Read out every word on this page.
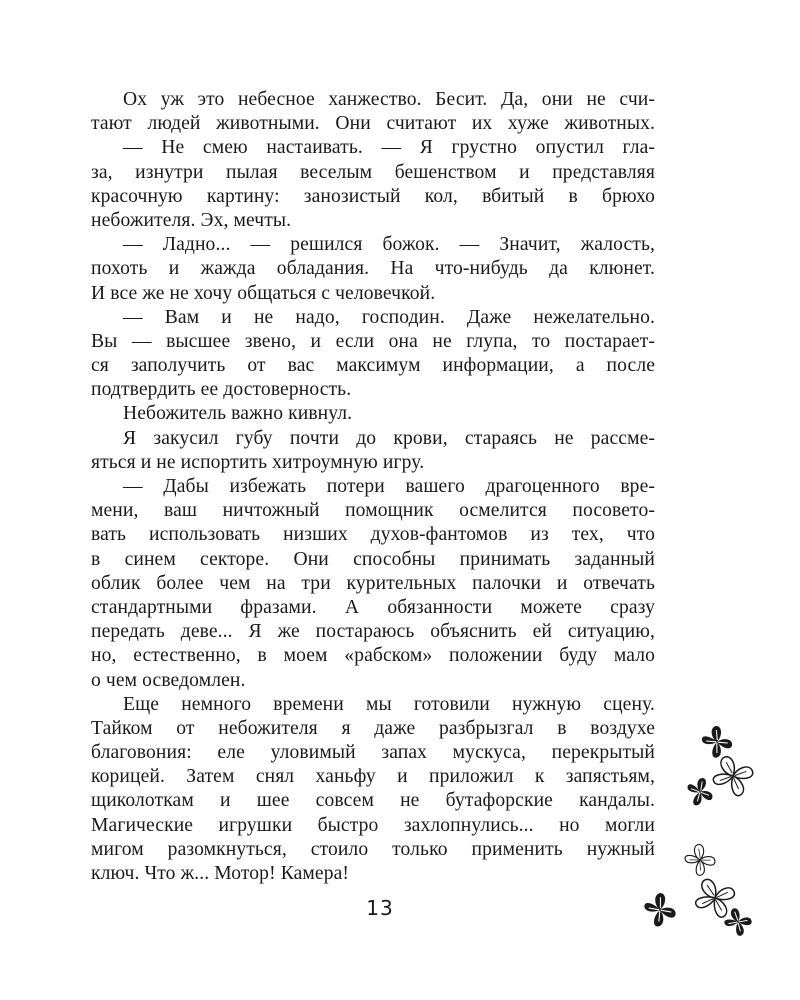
Ох уж это небесное ханжество. Бесит. Да, они не счи-
тают людей животными. Они считают их хуже животных.
— Не смею настаивать. — Я грустно опустил гла-
за, изнутри пылая веселым бешенством и представляя
красочную картину: занозистый кол, вбитый в брюхо
небожителя. Эх, мечты.
— Ладно... — решился божок. — Значит, жалость,
похоть и жажда обладания. На что-нибудь да клюнет.
И все же не хочу общаться с человечкой.
— Вам и не надо, господин. Даже нежелательно.
Вы — высшее звено, и если она не глупа, то постарает-
ся заполучить от вас максимум информации, а после
подтвердить ее достоверность.
Небожитель важно кивнул.
Я закусил губу почти до крови, стараясь не рассме-
яться и не испортить хитроумную игру.
— Дабы избежать потери вашего драгоценного вре-
мени, ваш ничтожный помощник осмелится посовето-
вать использовать низших духов-фантомов из тех, что
в синем секторе. Они способны принимать заданный
облик более чем на три курительных палочки и отвечать
стандартными фразами. А обязанности можете сразу
передать деве... Я же постараюсь объяснить ей ситуацию,
но, естественно, в моем «рабском» положении буду мало
о чем осведомлен.
Еще немного времени мы готовили нужную сцену.
Тайком от небожителя я даже разбрызгал в воздухе
благовония: еле уловимый запах мускуса, перекрытый
корицей. Затем снял ханьфу и приложил к запястьям,
щиколоткам и шее совсем не бутафорские кандалы.
Магические игрушки быстро захлопнулись... но могли
мигом разомкнуться, стоило только применить нужный
ключ. Что ж... Мотор! Камера!
13
